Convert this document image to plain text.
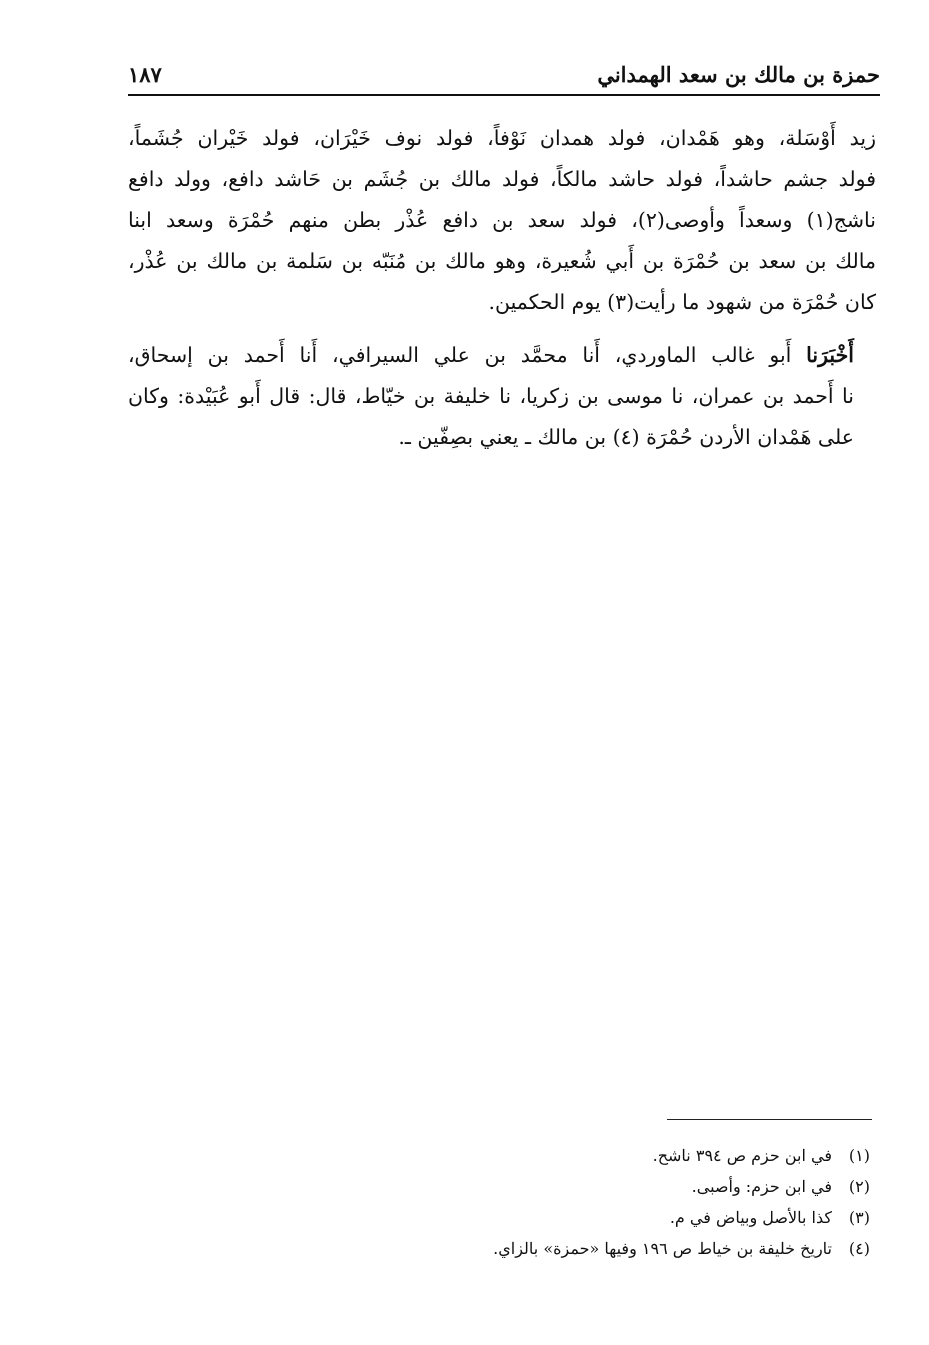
حمزة بن مالك بن سعد الهمداني
١٨٧

زيد أَوْسَلة، وهو هَمْدان، فولد همدان نَوْفاً، فولد نوف خَيْرَان، فولد خَيْران جُشَماً،
فولد جشم حاشداً، فولد حاشد مالكاً، فولد مالك بن جُشَم بن حَاشد دافع، وولد دافع
ناشج(١) وسعداً وأوصى(٢)، فولد سعد بن دافع عُذْر بطن منهم حُمْرَة وسعد ابنا
مالك بن سعد بن حُمْرَة بن أَبي شُعيرة، وهو مالك بن مُنَبّه بن سَلمة بن مالك بن عُذْر،
كان حُمْرَة من شهود ما رأيت(٣) يوم الحكمين.

أَخْبَرَنا أَبو غالب الماوردي، أَنا محمَّد بن علي السيرافي، أَنا أَحمد بن إسحاق،
نا أَحمد بن عمران، نا موسى بن زكريا، نا خليفة بن خيّاط، قال: قال أَبو عُبَيْدة: وكان
على هَمْدان الأردن حُمْرَة (٤) بن مالك ـ يعني بصِفّين ـ.

(١)في ابن حزم ص ٣٩٤ ناشح.
(٢)في ابن حزم: وأصبى.
(٣)كذا بالأصل وبياض في م.
(٤)تاريخ خليفة بن خياط ص ١٩٦ وفيها «حمزة» بالزاي.
